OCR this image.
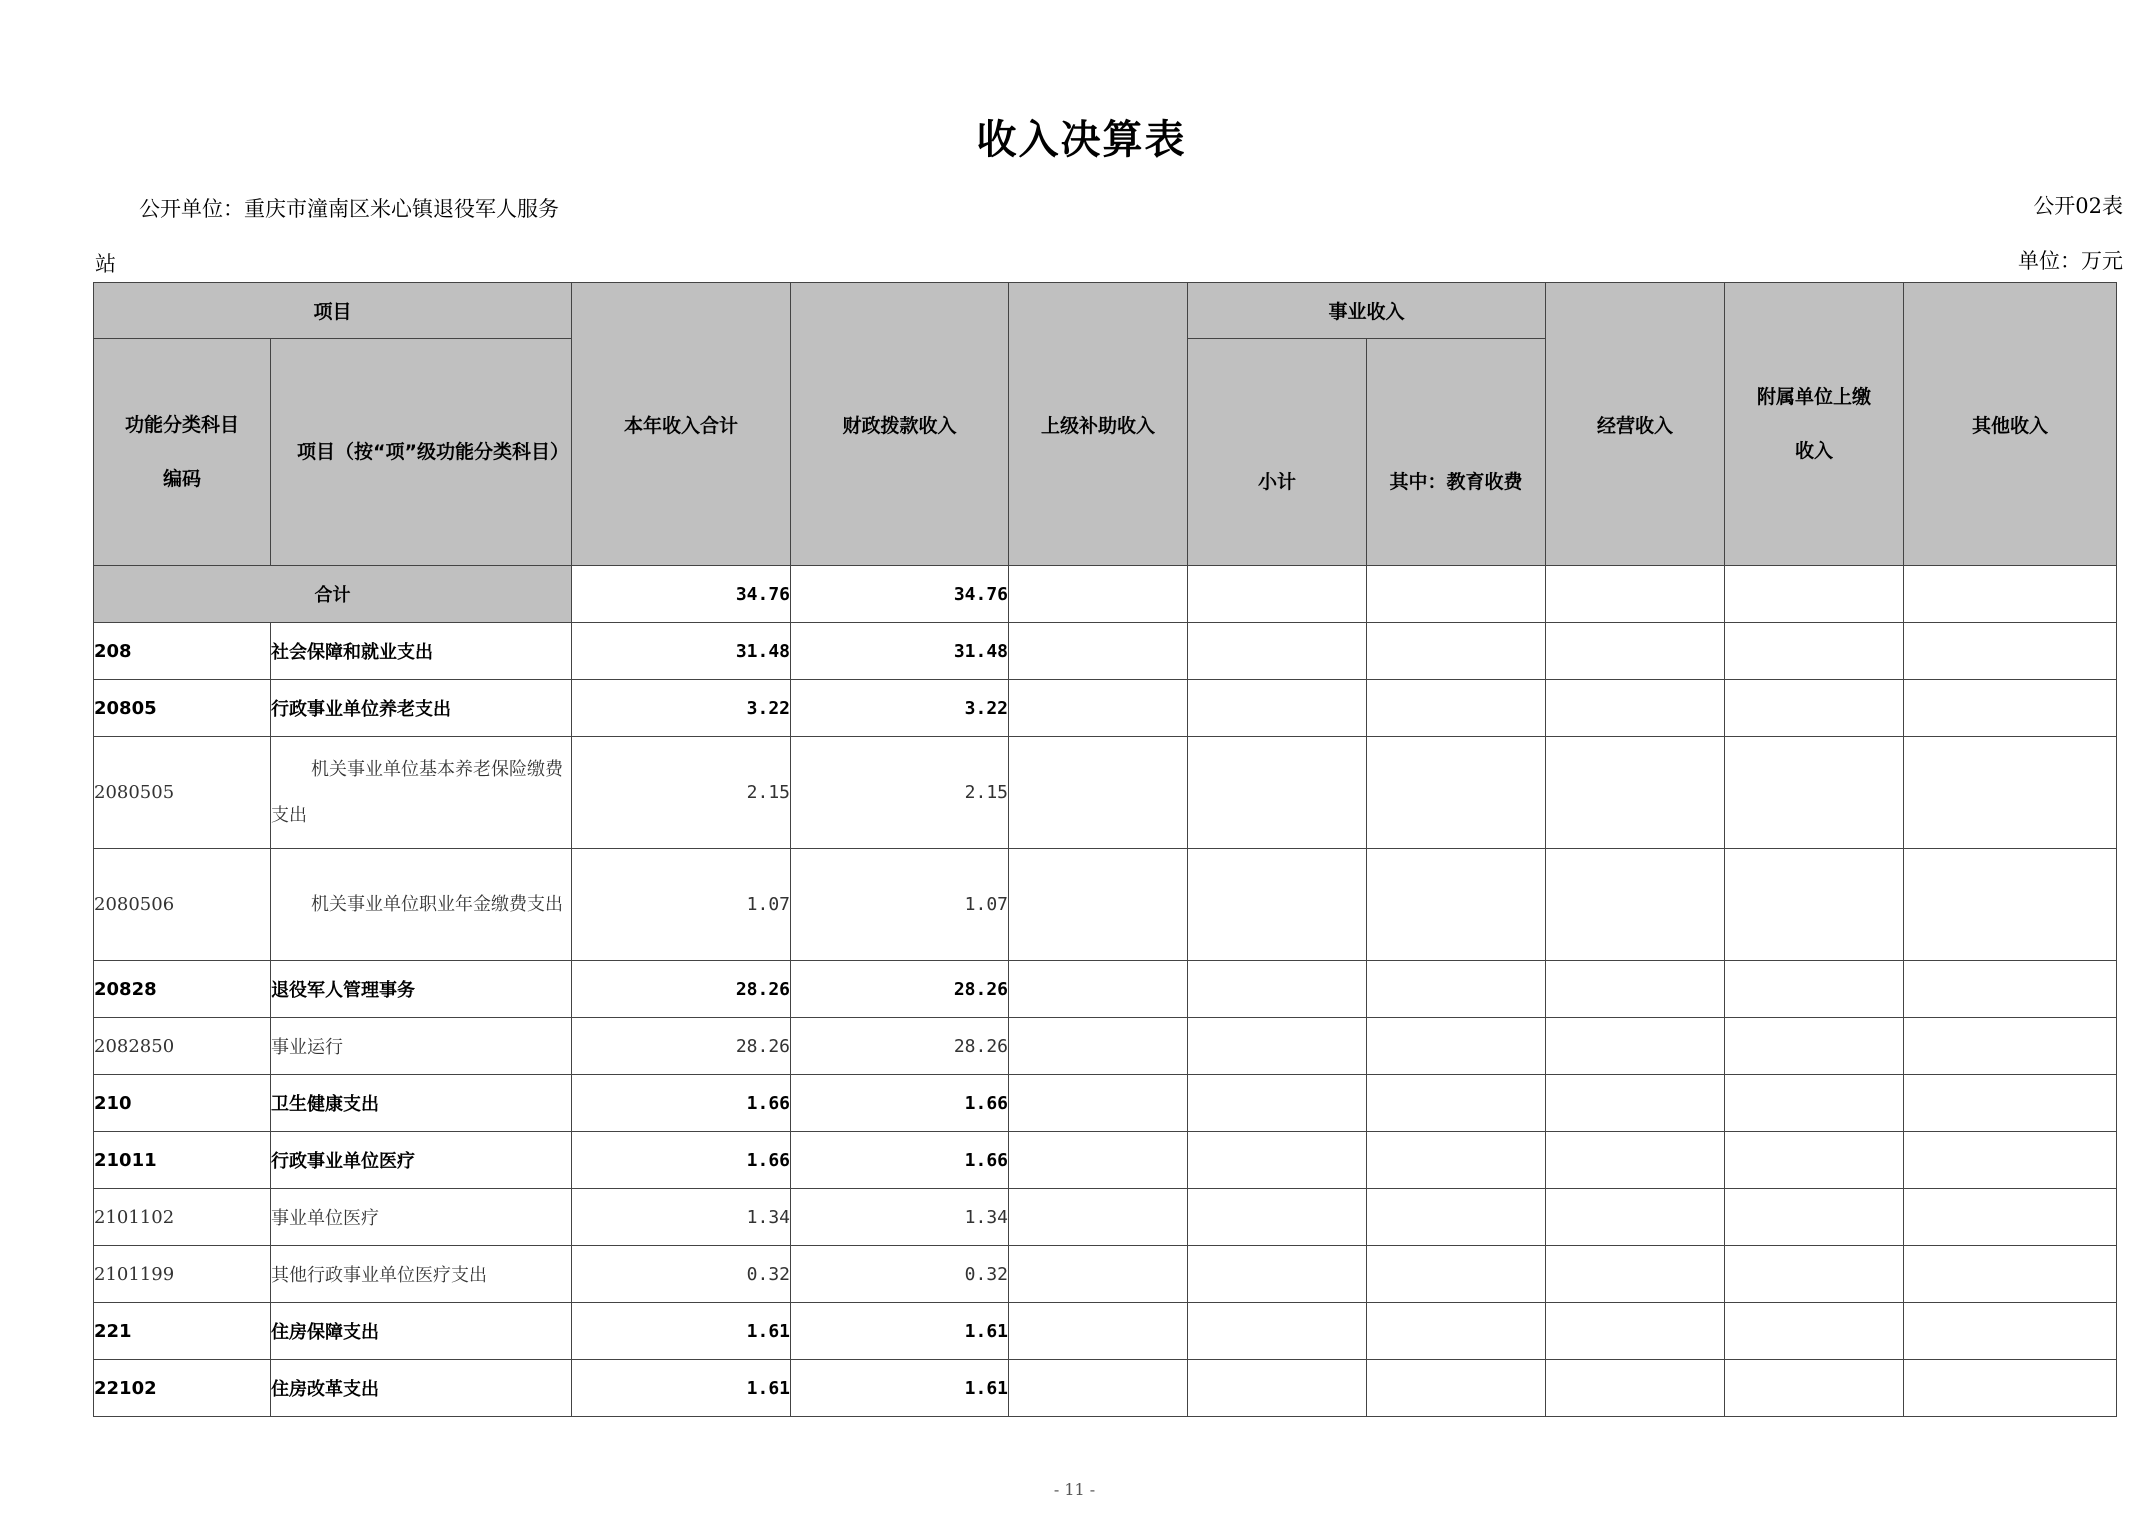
收入决算表
公开单位：重庆市潼南区米心镇退役军人服务
站
公开02表
单位：万元
项目		本年收入合计	财政拨款收入	上级补助收入	事业收入		经营收入	附属单位上缴收入	其他收入
功能分类科目编码	项目（按“项”级功能分类科目）				小计	其中：教育收费			
合计		34.76	34.76						
208	社会保障和就业支出	31.48	31.48						
20805	行政事业单位养老支出	3.22	3.22						
2080505	机关事业单位基本养老保险缴费支出	2.15	2.15						
2080506	机关事业单位职业年金缴费支出	1.07	1.07						
20828	退役军人管理事务	28.26	28.26						
2082850	事业运行	28.26	28.26						
210	卫生健康支出	1.66	1.66						
21011	行政事业单位医疗	1.66	1.66						
2101102	事业单位医疗	1.34	1.34						
2101199	其他行政事业单位医疗支出	0.32	0.32						
221	住房保障支出	1.61	1.61						
22102	住房改革支出	1.61	1.61						
- 11 -
